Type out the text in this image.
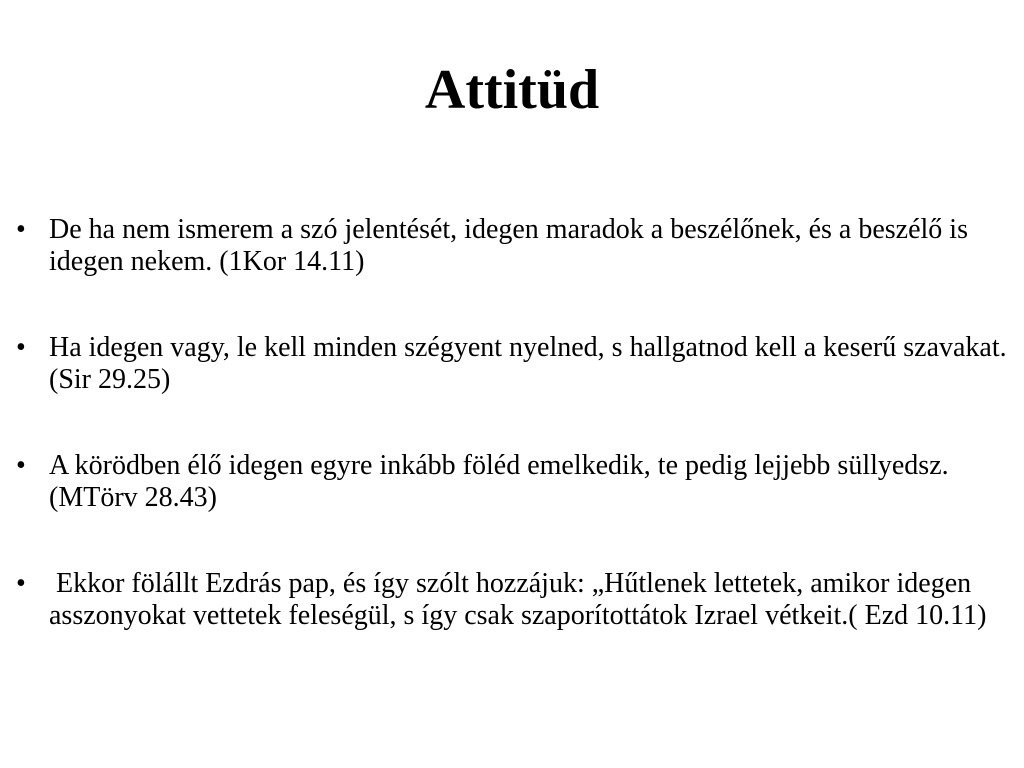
Attitüd
• De ha nem ismerem a szó jelentését, idegen maradok a beszélőnek, és a beszélő is idegen nekem. (1Kor 14.11)
• Ha idegen vagy, le kell minden szégyent nyelned, s hallgatnod kell a keserű szavakat. (Sir 29.25)
• A körödben élő idegen egyre inkább föléd emelkedik, te pedig lejjebb süllyedsz. (MTörv 28.43)
• Ekkor fölállt Ezdrás pap, és így szólt hozzájuk: „Hűtlenek lettetek, amikor idegen asszonyokat vettetek feleségül, s így csak szaporítottátok Izrael vétkeit.( Ezd 10.11)
